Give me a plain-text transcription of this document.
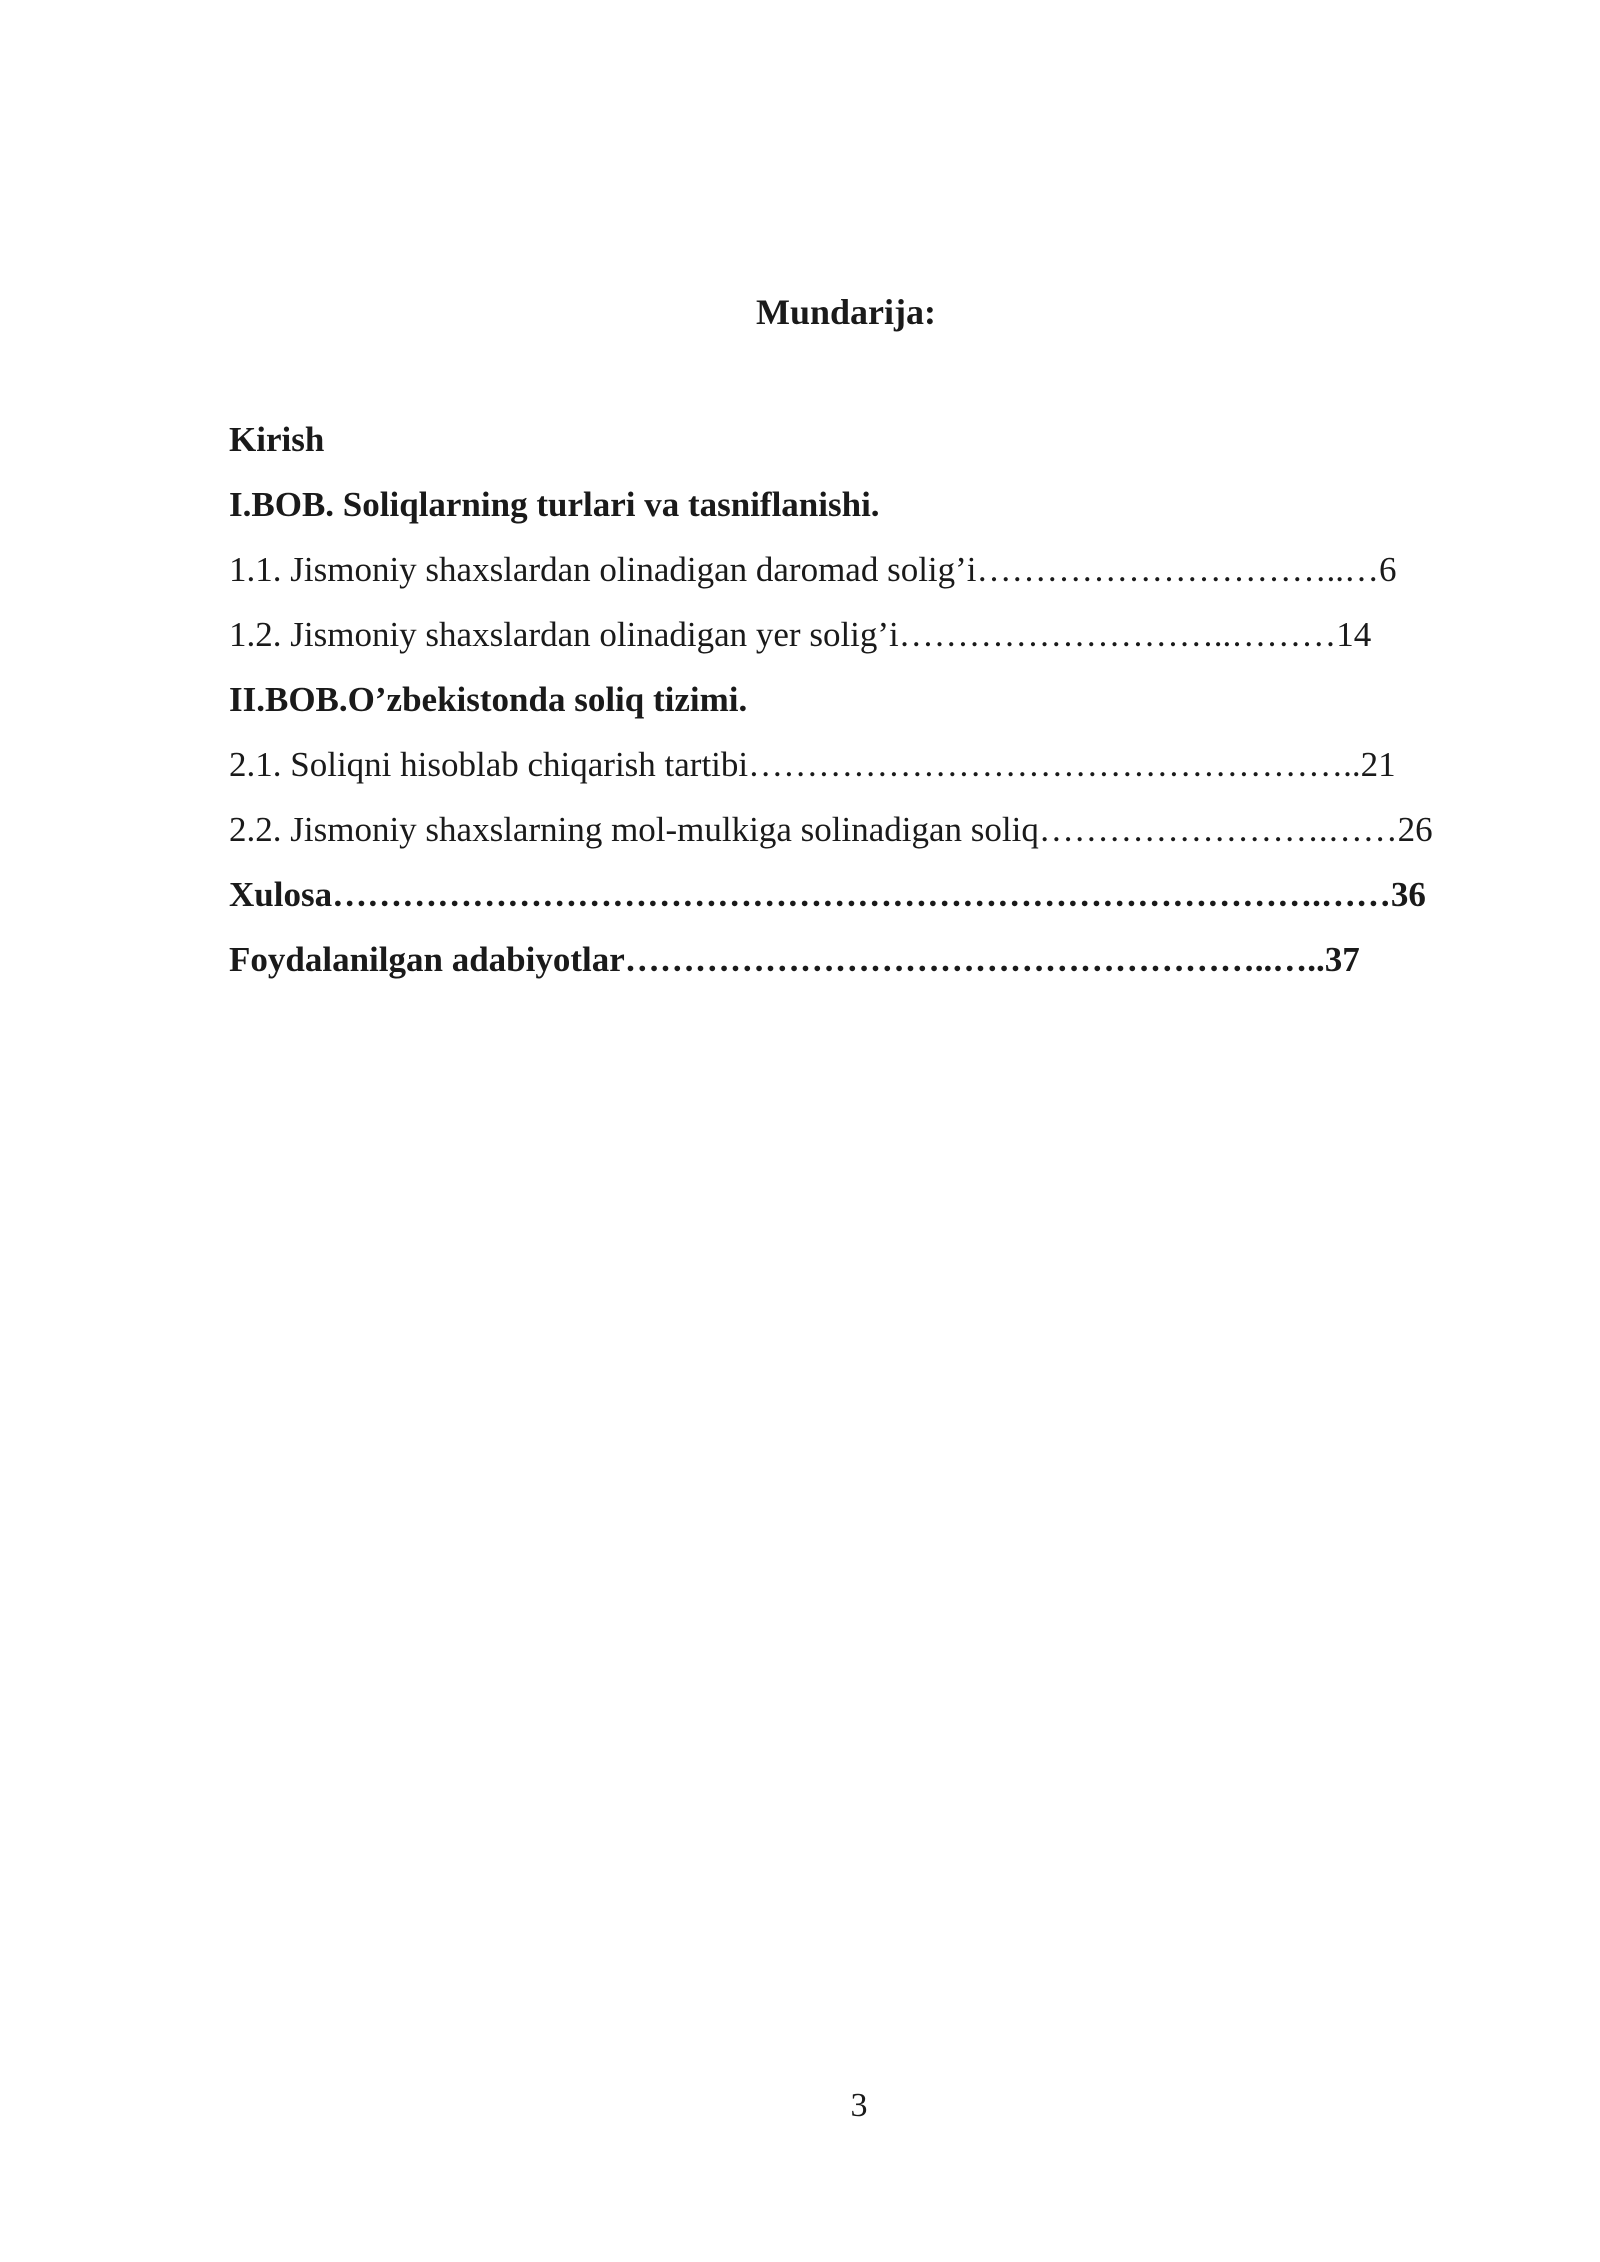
Mundarija:
Kirish
I.BOB. Soliqlarning turlari va tasniflanishi.
1.1. Jismoniy shaxslardan olinadigan daromad solig’i…………………………..…6
1.2. Jismoniy shaxslardan olinadigan yer solig’i………………………..………14
II.BOB.O’zbekistonda soliq tizimi.
2.1. Soliqni hisoblab chiqarish tartibi……………………………………………..21
2.2. Jismoniy shaxslarning mol-mulkiga solinadigan soliq…………………….……26
Xulosa………………………………………………………………………….……36
Foydalanilgan adabiyotlar………………………………………………..…..37
3
